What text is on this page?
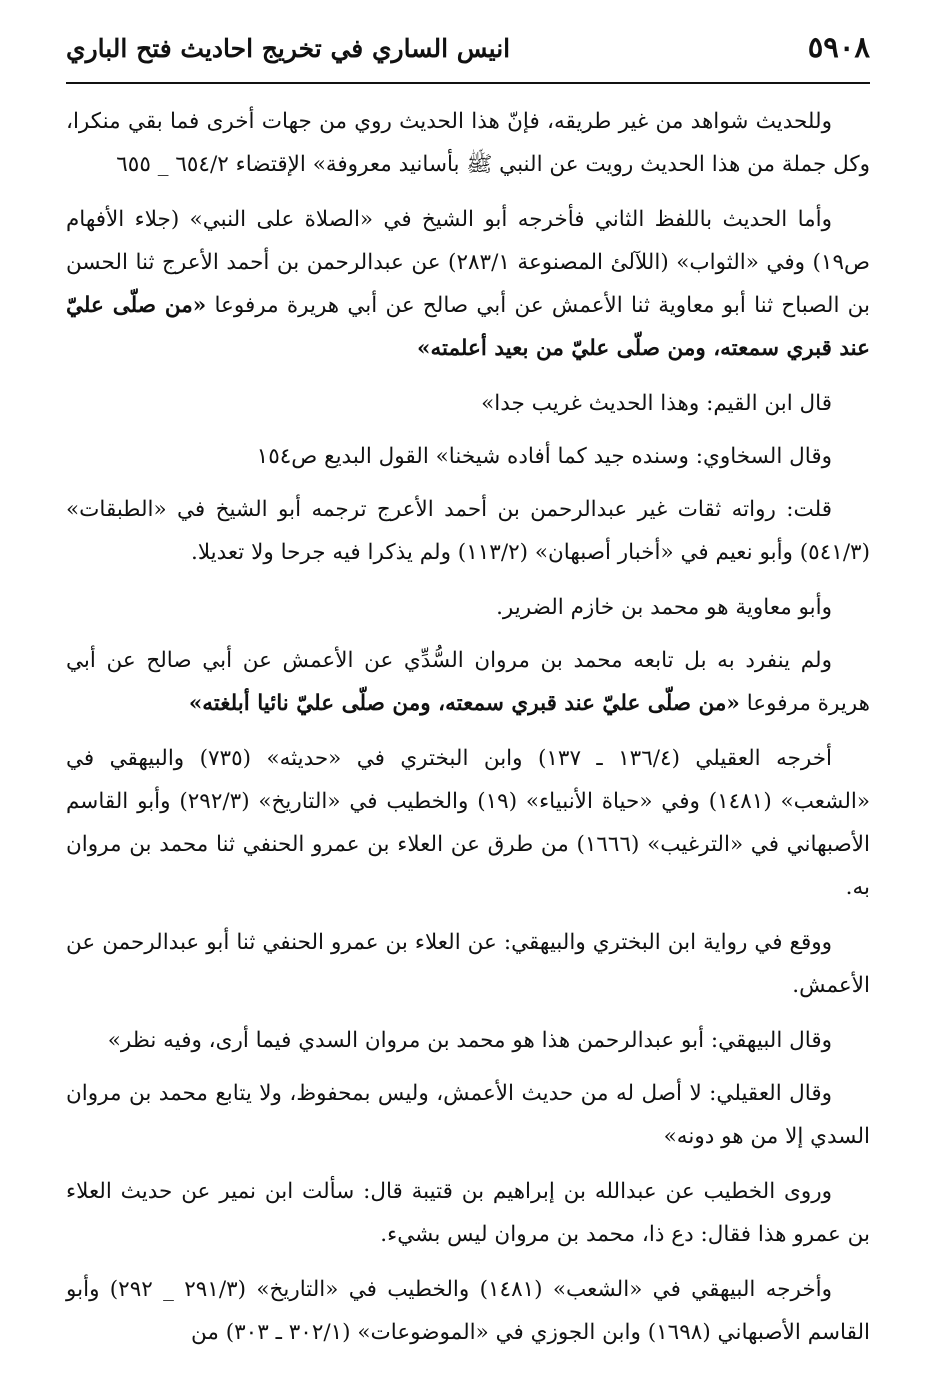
٥٩٠٨
انيس الساري في تخريج احاديث فتح الباري

وللحديث شواهد من غير طريقه، فإنّ هذا الحديث روي من جهات أخرى فما بقي منكرا، وكل جملة من هذا الحديث رويت عن النبي ﷺ بأسانيد معروفة» الإقتضاء ٦٥٤/٢ _ ٦٥٥

وأما الحديث باللفظ الثاني فأخرجه أبو الشيخ في «الصلاة على النبي» (جلاء الأفهام ص١٩) وفي «الثواب» (اللآلئ المصنوعة ٢٨٣/١) عن عبدالرحمن بن أحمد الأعرج ثنا الحسن بن الصباح ثنا أبو معاوية ثنا الأعمش عن أبي صالح عن أبي هريرة مرفوعا «من صلّى عليّ عند قبري سمعته، ومن صلّى عليّ من بعيد أعلمته»

قال ابن القيم: وهذا الحديث غريب جدا»

وقال السخاوي: وسنده جيد كما أفاده شيخنا» القول البديع ص١٥٤

قلت: رواته ثقات غير عبدالرحمن بن أحمد الأعرج ترجمه أبو الشيخ في «الطبقات» (٥٤١/٣) وأبو نعيم في «أخبار أصبهان» (١١٣/٢) ولم يذكرا فيه جرحا ولا تعديلا.

وأبو معاوية هو محمد بن خازم الضرير.

ولم ينفرد به بل تابعه محمد بن مروان السُّدِّي عن الأعمش عن أبي صالح عن أبي هريرة مرفوعا «من صلّى عليّ عند قبري سمعته، ومن صلّى عليّ نائيا أبلغته»

أخرجه العقيلي (١٣٦/٤ ـ ١٣٧) وابن البختري في «حديثه» (٧٣٥) والبيهقي في «الشعب» (١٤٨١) وفي «حياة الأنبياء» (١٩) والخطيب في «التاريخ» (٢٩٢/٣) وأبو القاسم الأصبهاني في «الترغيب» (١٦٦٦) من طرق عن العلاء بن عمرو الحنفي ثنا محمد بن مروان به.

ووقع في رواية ابن البختري والبيهقي: عن العلاء بن عمرو الحنفي ثنا أبو عبدالرحمن عن الأعمش.

وقال البيهقي: أبو عبدالرحمن هذا هو محمد بن مروان السدي فيما أرى، وفيه نظر»

وقال العقيلي: لا أصل له من حديث الأعمش، وليس بمحفوظ، ولا يتابع محمد بن مروان السدي إلا من هو دونه»

وروى الخطيب عن عبدالله بن إبراهيم بن قتيبة قال: سألت ابن نمير عن حديث العلاء بن عمرو هذا فقال: دع ذا، محمد بن مروان ليس بشيء.

وأخرجه البيهقي في «الشعب» (١٤٨١) والخطيب في «التاريخ» (٢٩١/٣ _ ٢٩٢) وأبو القاسم الأصبهاني (١٦٩٨) وابن الجوزي في «الموضوعات» (٣٠٢/١ ـ ٣٠٣) من
